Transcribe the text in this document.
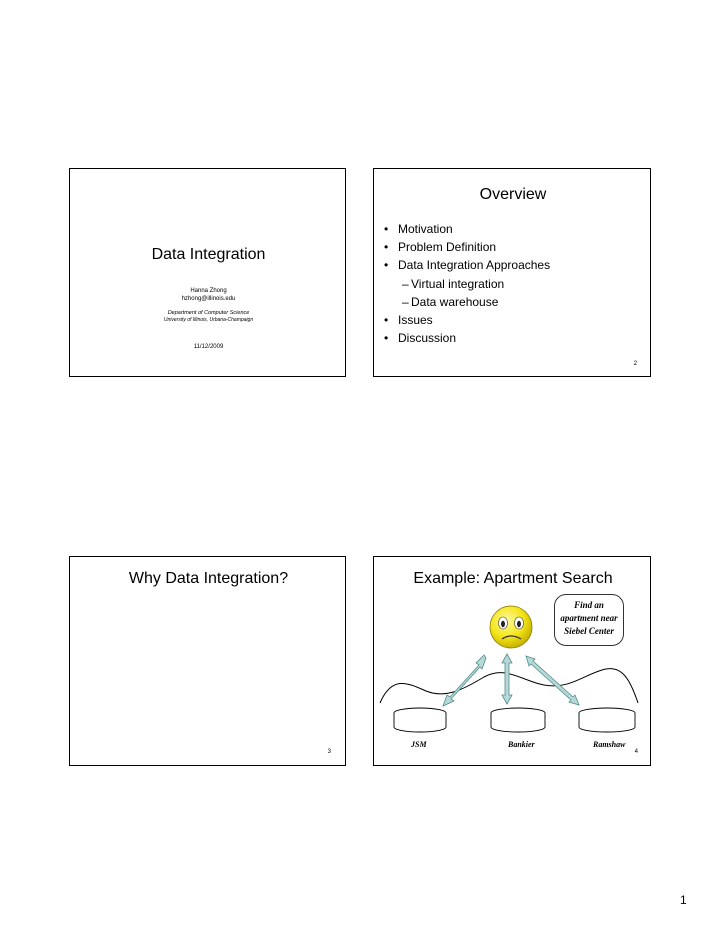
Data Integration
Hanna Zhong
hzhong@illinois.edu
Department of Computer Science
University of Illinois, Urbana-Champaign
11/12/2009
Overview
• Motivation
• Problem Definition
• Data Integration Approaches
– Virtual integration
– Data warehouse
• Issues
• Discussion
2
Why Data Integration?
3
Example: Apartment Search
Find an
apartment near
Siebel Center
JSM	Bankier	Ramshaw
4
1
